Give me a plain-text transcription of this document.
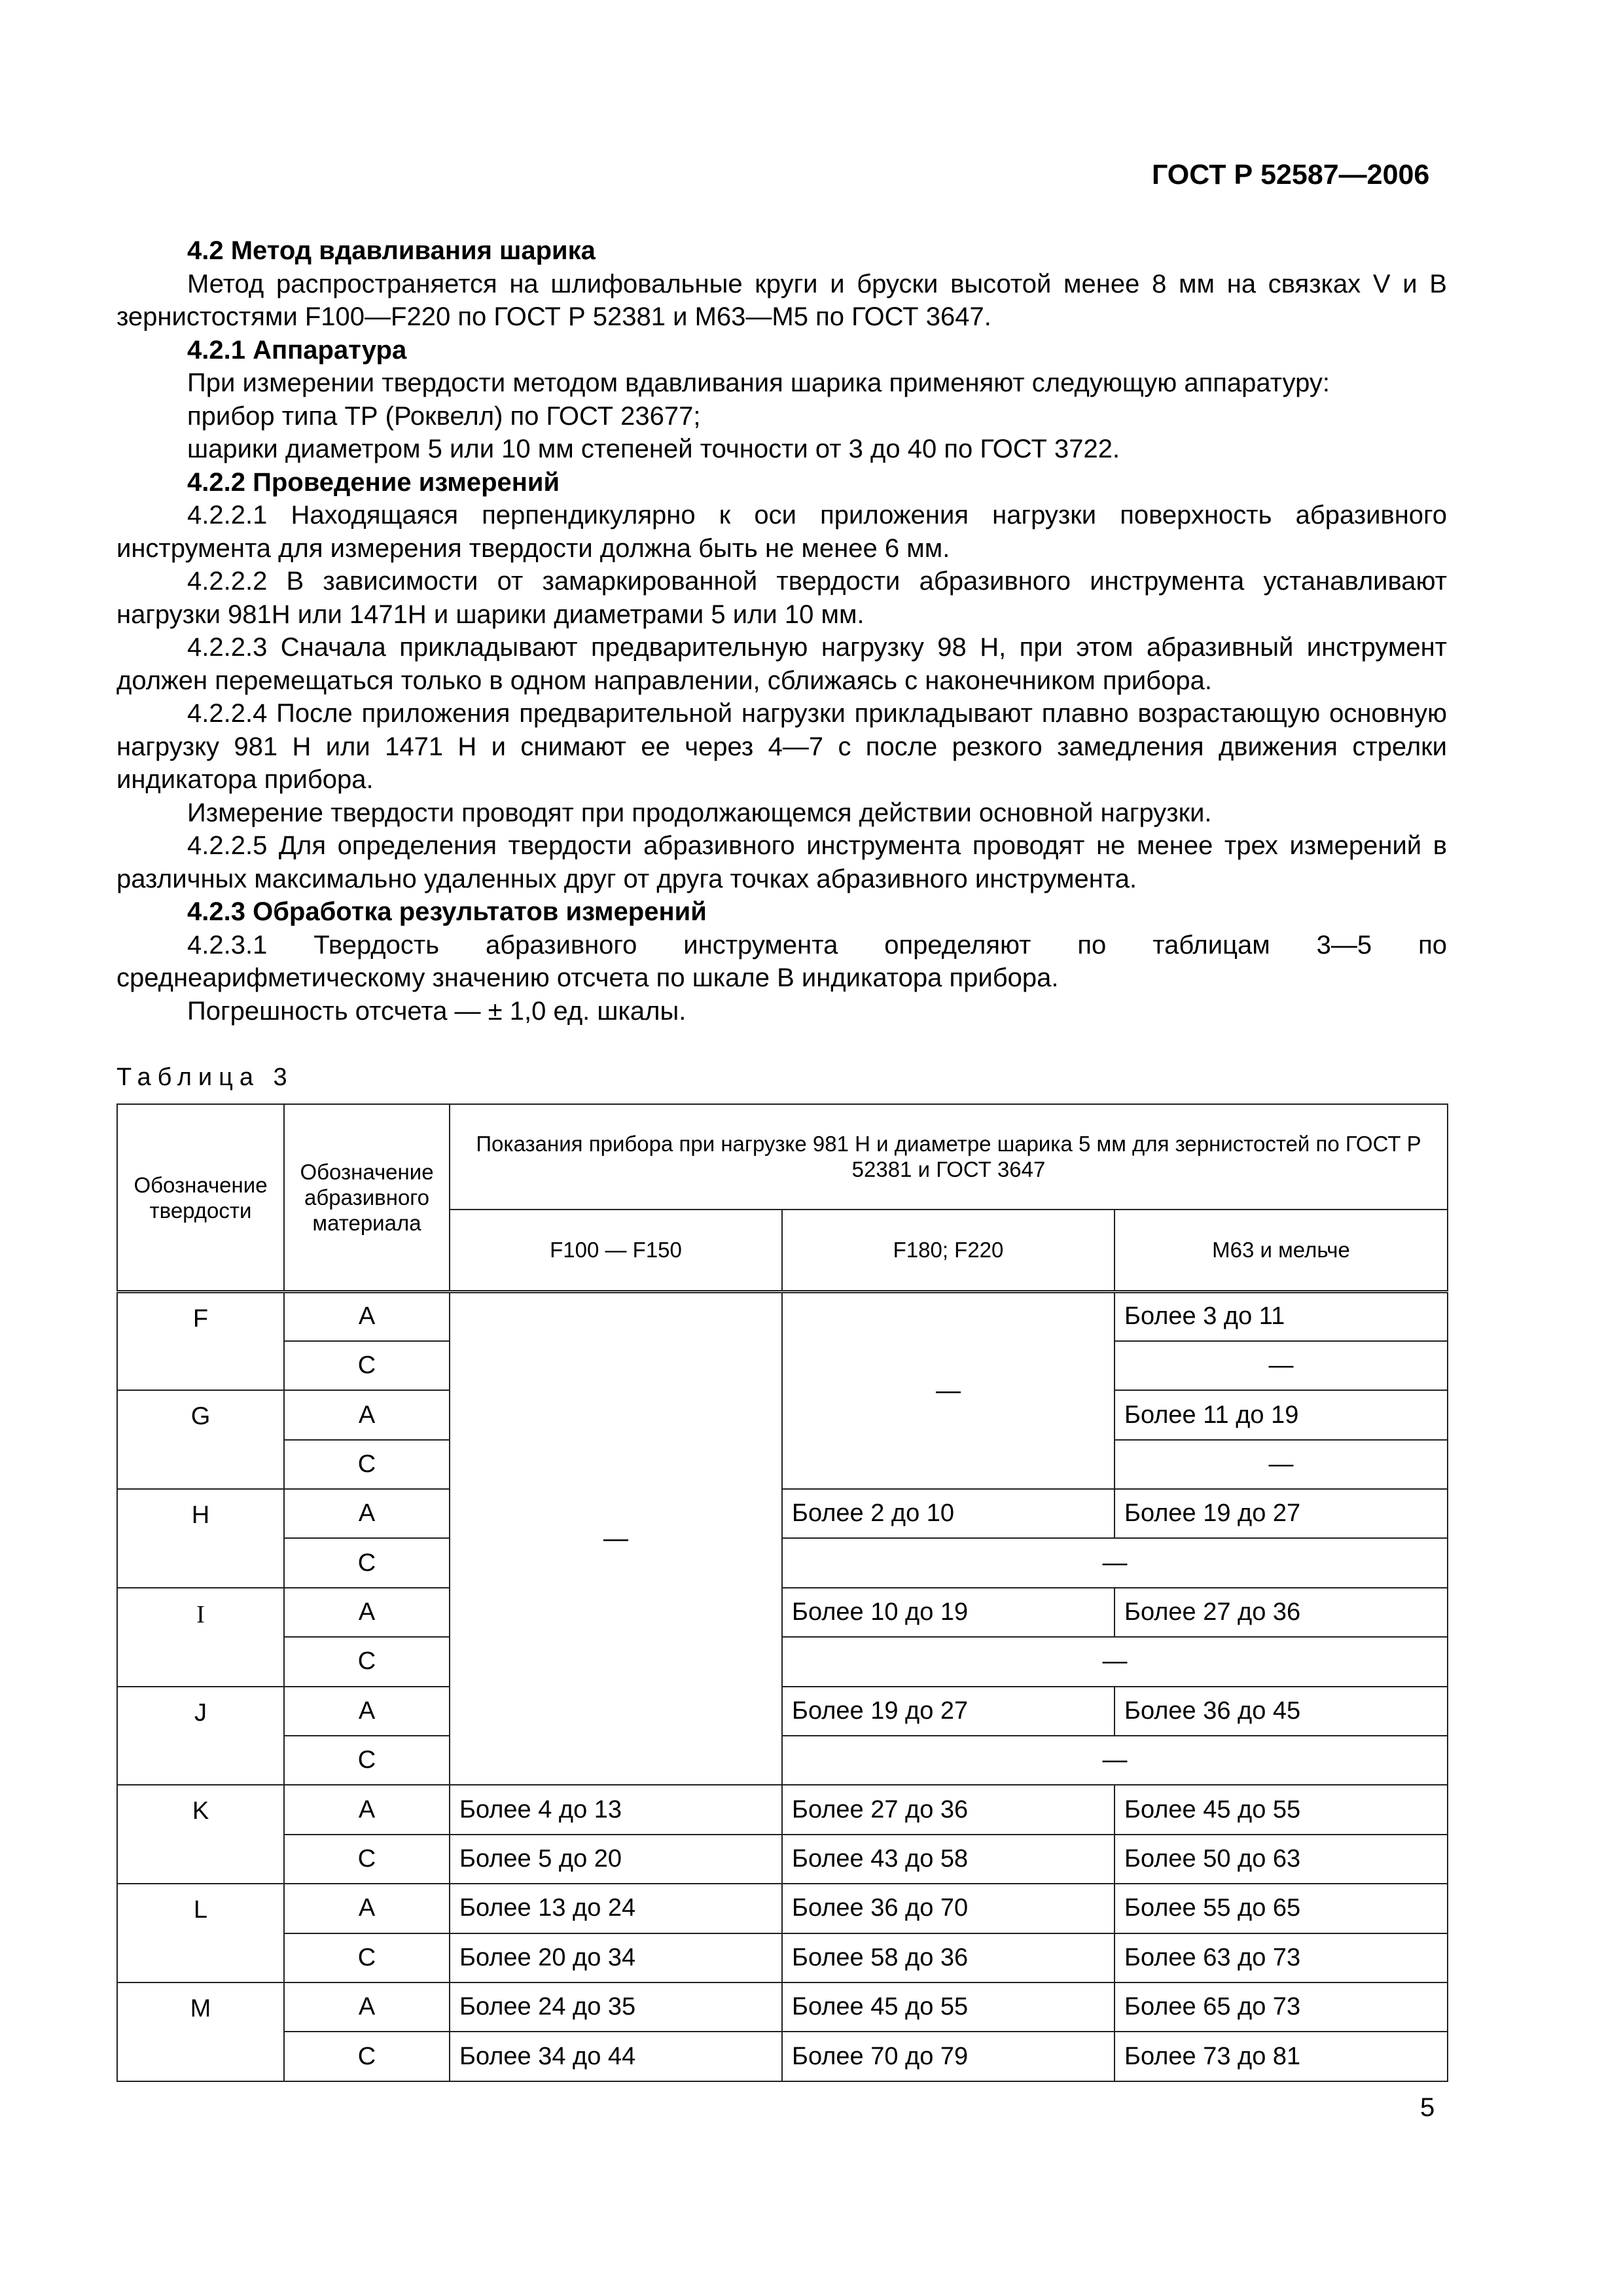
ГОСТ Р 52587—2006

4.2 Метод вдавливания шарика

Метод распространяется на шлифовальные круги и бруски высотой менее 8 мм на связках V и B зернистостями F100—F220 по ГОСТ Р 52381 и M63—M5 по ГОСТ 3647.

4.2.1 Аппаратура

При измерении твердости методом вдавливания шарика применяют следующую аппаратуру:

прибор типа ТР (Роквелл) по ГОСТ 23677;

шарики диаметром 5 или 10 мм степеней точности от 3 до 40 по ГОСТ 3722.

4.2.2 Проведение измерений

4.2.2.1 Находящаяся перпендикулярно к оси приложения нагрузки поверхность абразивного инструмента для измерения твердости должна быть не менее 6 мм.

4.2.2.2 В зависимости от замаркированной твердости абразивного инструмента устанавливают нагрузки 981Н или 1471Н и шарики диаметрами 5 или 10 мм.

4.2.2.3 Сначала прикладывают предварительную нагрузку 98 Н, при этом абразивный инструмент должен перемещаться только в одном направлении, сближаясь с наконечником прибора.

4.2.2.4 После приложения предварительной нагрузки прикладывают плавно возрастающую основную нагрузку 981 Н или 1471 Н и снимают ее через 4—7 с после резкого замедления движения стрелки индикатора прибора.

Измерение твердости проводят при продолжающемся действии основной нагрузки.

4.2.2.5 Для определения твердости абразивного инструмента проводят не менее трех измерений в различных максимально удаленных друг от друга точках абразивного инструмента.

4.2.3 Обработка результатов измерений

4.2.3.1 Твердость абразивного инструмента определяют по таблицам 3—5 по среднеарифметическому значению отсчета по шкале B индикатора прибора.

Погрешность отсчета — ± 1,0 ед. шкалы.

Таблица 3
Обозначение твердости	Обозначение абразивного материала	Показания прибора при нагрузке 981 Н и диаметре шарика 5 мм для зернистостей по ГОСТ Р 52381 и ГОСТ 3647		
		F100 — F150	F180; F220	M63 и мельче
F	A	—	—	Более 3 до 11
	C			—
G	A			Более 11 до 19
	C			—
H	A		Более 2 до 10	Более 19 до 27
	C		—	
I	A		Более 10 до 19	Более 27 до 36
	C		—	
J	A		Более 19 до 27	Более 36 до 45
	C		—	
K	A	Более 4 до 13	Более 27 до 36	Более 45 до 55
	C	Более 5 до 20	Более 43 до 58	Более 50 до 63
L	A	Более 13 до 24	Более 36 до 70	Более 55 до 65
	C	Более 20 до 34	Более 58 до 36	Более 63 до 73
M	A	Более 24 до 35	Более 45 до 55	Более 65 до 73
	C	Более 34 до 44	Более 70 до 79	Более 73 до 81
5
